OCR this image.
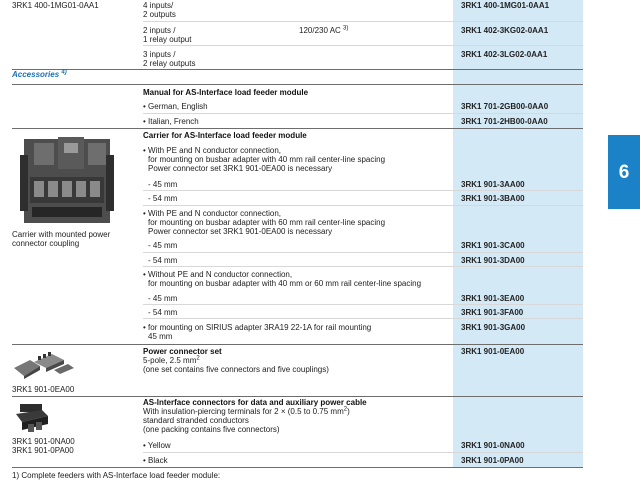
3RK1 400-1MG01-0AA1	4 inputs/
2 outputs
3RK1 400-1MG01-0AA1
2 inputs /
1 relay output
120/230 AC $^{3)}$	3RK1 402-3KG02-0AA1
3 inputs /
2 relay outputs
3RK1 402-3LG02-0AA1
Accessories $^{4)}$
Manual for AS-Interface load feeder module
• German, English	3RK1 701-2GB00-0AA0
• Italian, French	3RK1 701-2HB00-0AA0
Carrier with mounted power
connector coupling
Carrier for AS-Interface load feeder module
• With PE and N conductor connection,
for mounting on busbar adapter with 40 mm rail center-line spacing
Power connector set 3RK1 901-0EA00 is necessary
- 45 mm	3RK1 901-3AA00
- 54 mm	3RK1 901-3BA00
• With PE and N conductor connection,
for mounting on busbar adapter with 60 mm rail center-line spacing
Power connector set 3RK1 901-0EA00 is necessary
- 45 mm	3RK1 901-3CA00
- 54 mm	3RK1 901-3DA00
• Without PE and N conductor connection,
for mounting on busbar adapter with 40 mm or 60 mm rail center-line spacing
- 45 mm	3RK1 901-3EA00
- 54 mm	3RK1 901-3FA00
• for mounting on SIRIUS adapter 3RA19 22-1A for rail mounting
45 mm
3RK1 901-3GA00
3RK1 901-0EA00
Power connector set
5-pole, 2.5 $mm^2$
(one set contains five connectors and five couplings)
3RK1 901-0EA00
3RK1 901-0NA00
3RK1 901-0PA00
AS-Interface connectors for data and auxiliary power cable
With insulation-piercing terminals for 2 × (0.5 to 0.75 $mm^2$)
standard stranded conductors
(one packing contains five connectors)
• Yellow	3RK1 901-0NA00
• Black	3RK1 901-0PA00
1) Complete feeders with AS-Interface load feeder module:
6
